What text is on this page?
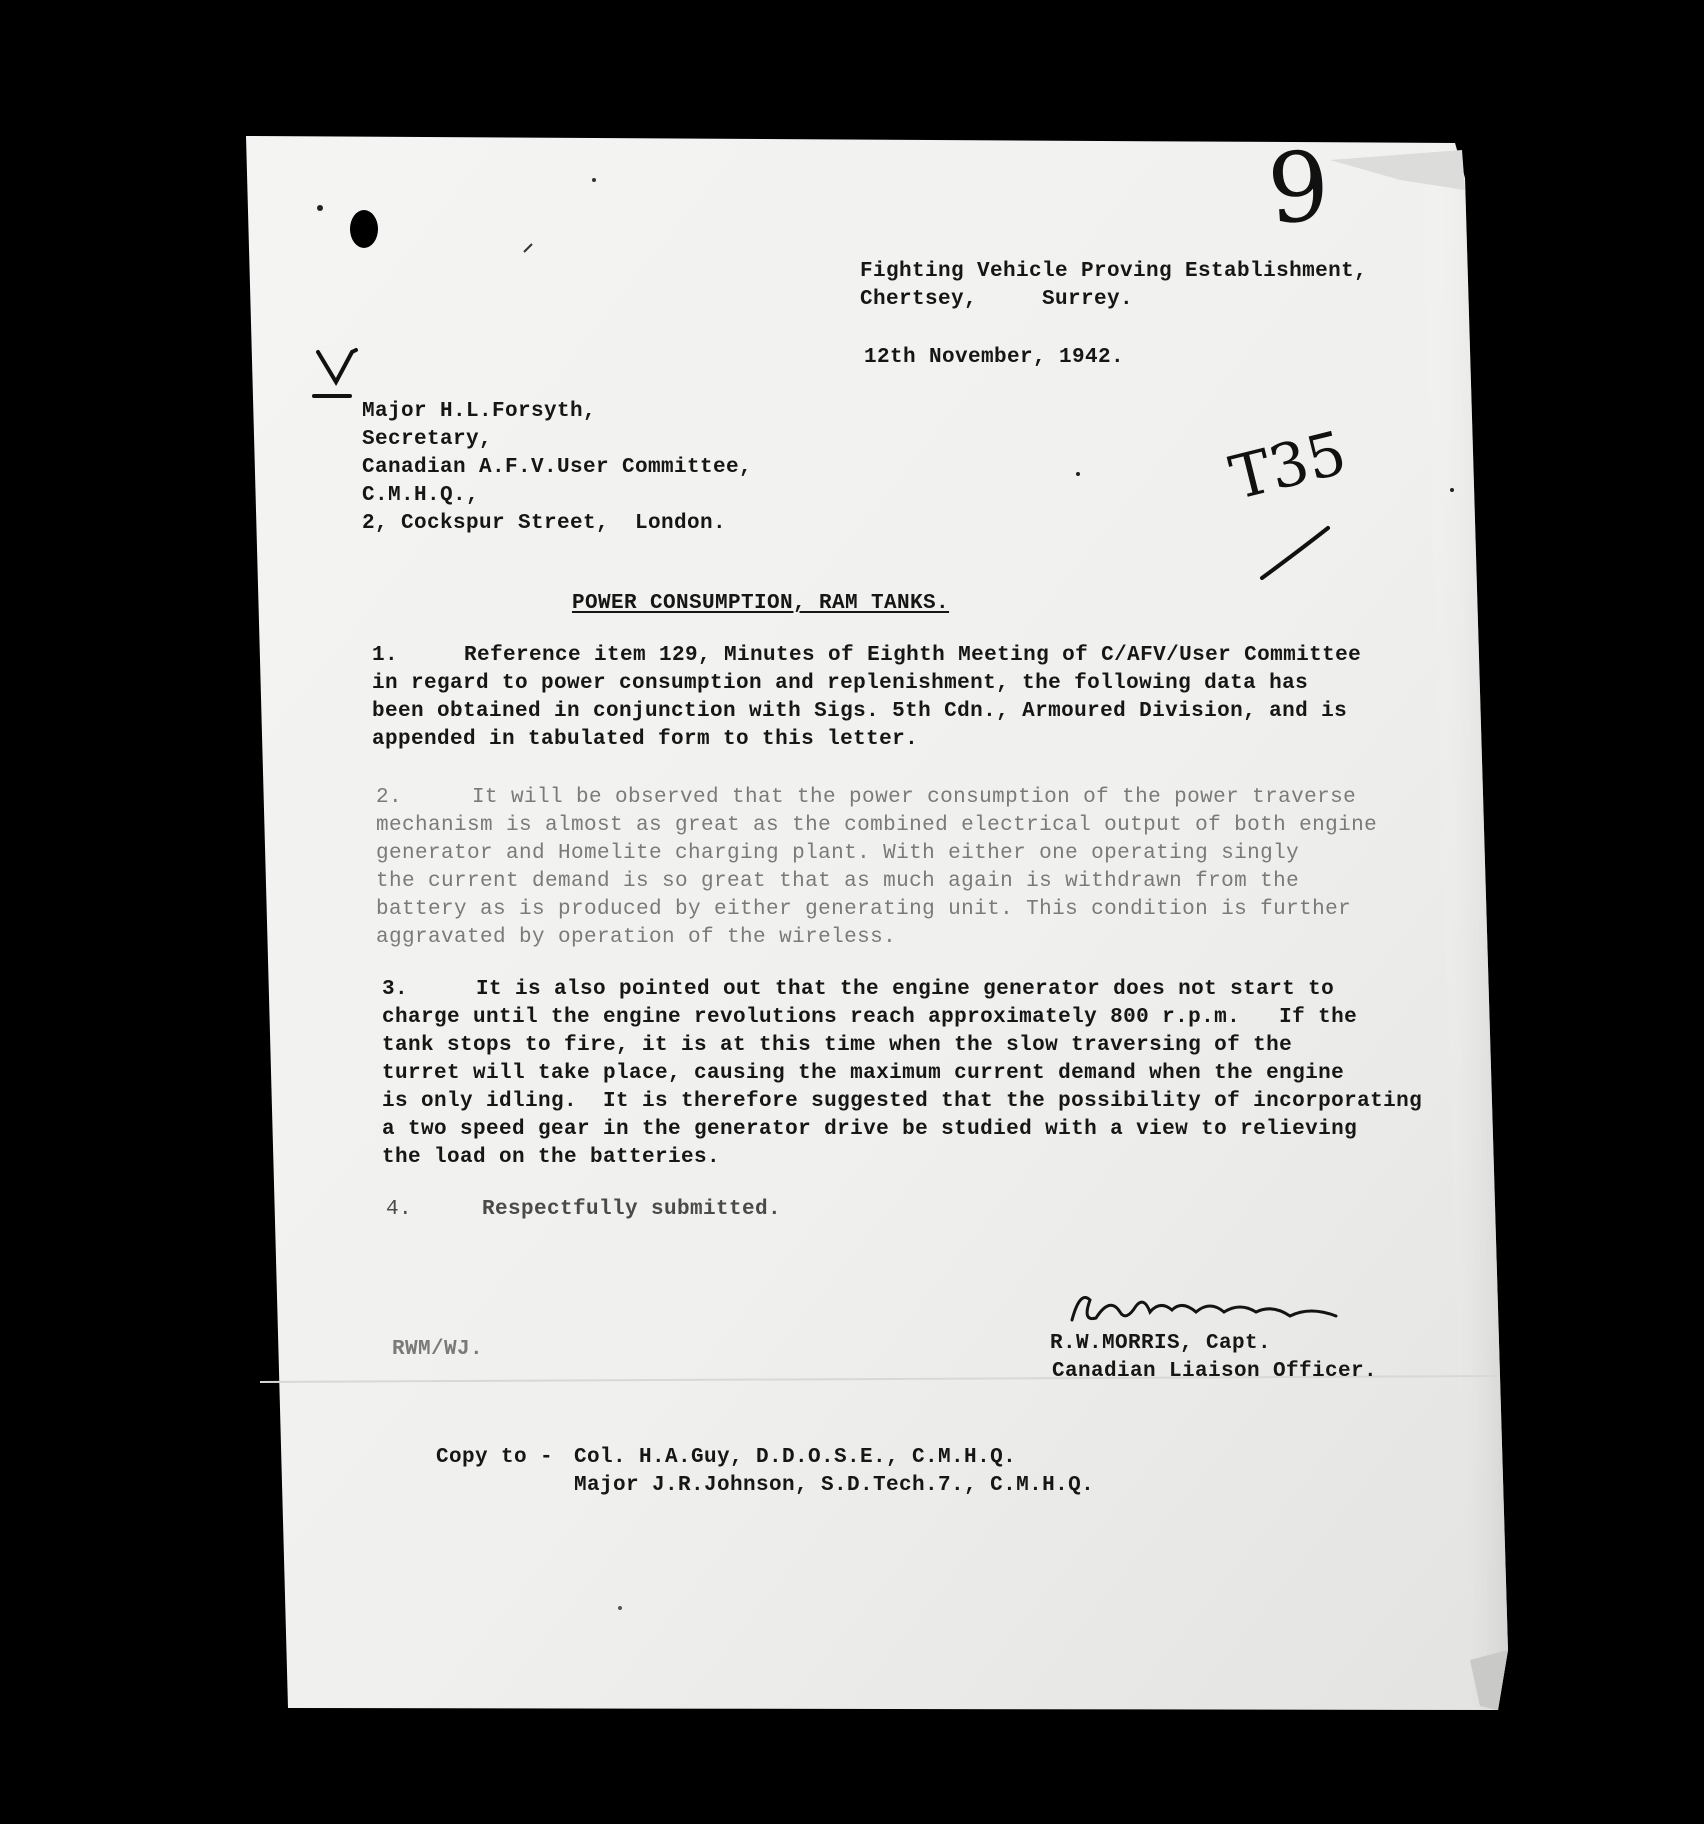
9
T35
Fighting Vehicle Proving Establishment,
Chertsey,     Surrey.
12th November, 1942.
Major H.L.Forsyth,
Secretary,
Canadian A.F.V.User Committee,
C.M.H.Q.,
2, Cockspur Street,  London.
POWER CONSUMPTION, RAM TANKS.
1.	Reference item 129, Minutes of Eighth Meeting of C/AFV/User Committee
in regard to power consumption and replenishment, the following data has
been obtained in conjunction with Sigs. 5th Cdn., Armoured Division, and is
appended in tabulated form to this letter.
2.	It will be observed that the power consumption of the power traverse
mechanism is almost as great as the combined electrical output of both engine
generator and Homelite charging plant. With either one operating singly
the current demand is so great that as much again is withdrawn from the
battery as is produced by either generating unit. This condition is further
aggravated by operation of the wireless.
3.	It is also pointed out that the engine generator does not start to
charge until the engine revolutions reach approximately 800 r.p.m.   If the
tank stops to fire, it is at this time when the slow traversing of the
turret will take place, causing the maximum current demand when the engine
is only idling.  It is therefore suggested that the possibility of incorporating
a two speed gear in the generator drive be studied with a view to relieving
the load on the batteries.
4.	Respectfully submitted.
RWM/WJ.	R.W.MORRIS, Capt.
Canadian Liaison Officer.
Copy to - Col. H.A.Guy, D.D.O.S.E., C.M.H.Q.
Major J.R.Johnson, S.D.Tech.7., C.M.H.Q.
